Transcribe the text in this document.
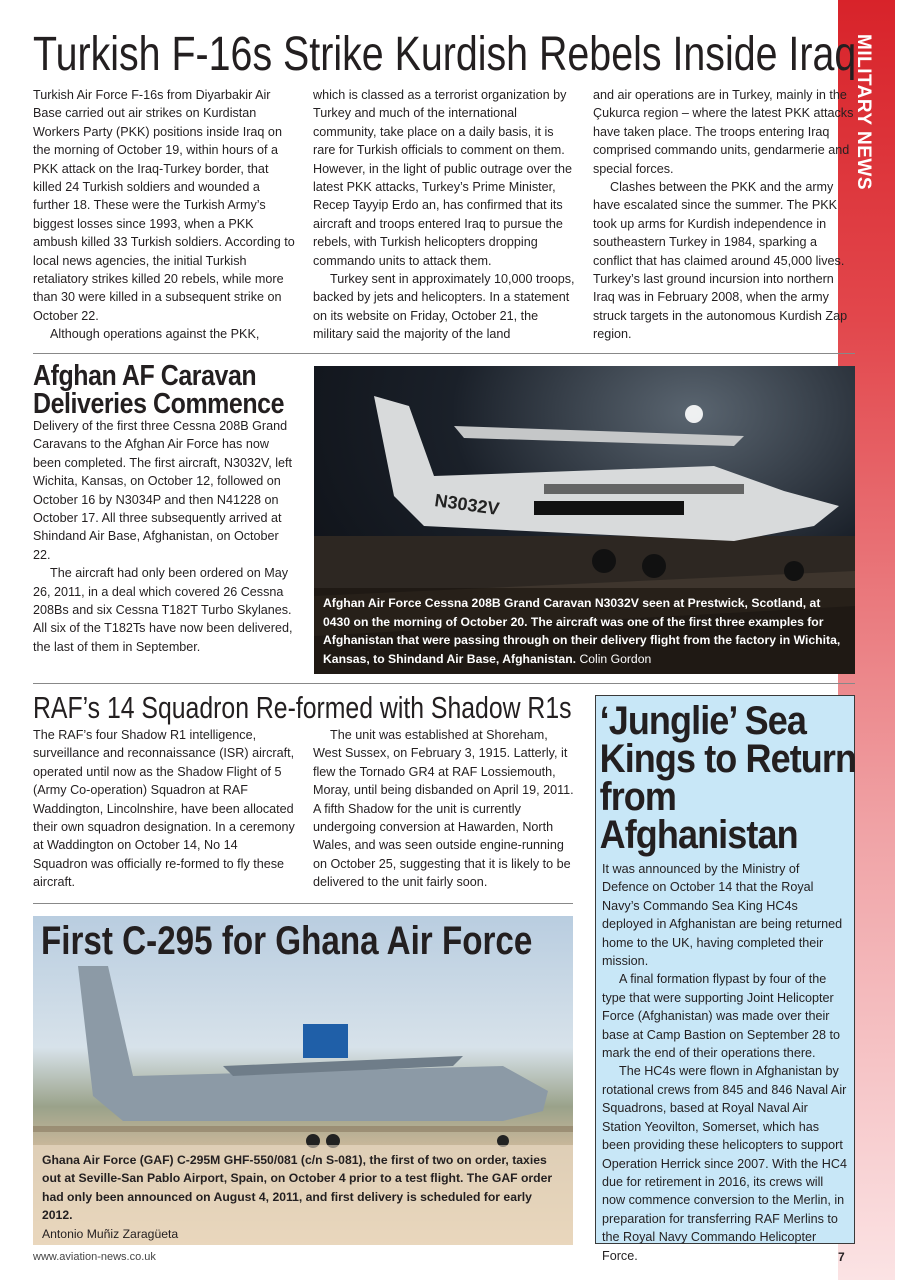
MILITARY NEWS
Turkish F-16s Strike Kurdish Rebels Inside Iraq

Turkish Air Force F-16s from Diyarbakir Air Base carried out air strikes on Kurdistan Workers Party (PKK) positions inside Iraq on the morning of October 19, within hours of a PKK attack on the Iraq-Turkey border, that killed 24 Turkish soldiers and wounded a further 18. These were the Turkish Army’s biggest losses since 1993, when a PKK ambush killed 33 Turkish soldiers. According to local news agencies, the initial Turkish retaliatory strikes killed 20 rebels, while more than 30 were killed in a subsequent strike on October 22.

Although operations against the PKK,

which is classed as a terrorist organization by Turkey and much of the international community, take place on a daily basis, it is rare for Turkish officials to comment on them. However, in the light of public outrage over the latest PKK attacks, Turkey’s Prime Minister, Recep Tayyip Erdo an, has confirmed that its aircraft and troops entered Iraq to pursue the rebels, with Turkish helicopters dropping commando units to attack them.

Turkey sent in approximately 10,000 troops, backed by jets and helicopters. In a statement on its website on Friday, October 21, the military said the majority of the land

and air operations are in Turkey, mainly in the Çukurca region – where the latest PKK attacks have taken place. The troops entering Iraq comprised commando units, gendarmerie and special forces.

Clashes between the PKK and the army have escalated since the summer. The PKK took up arms for Kurdish independence in southeastern Turkey in 1984, sparking a conflict that has claimed around 45,000 lives. Turkey’s last ground incursion into northern Iraq was in February 2008, when the army struck targets in the autonomous Kurdish Zap region.

Afghan AF Caravan
Deliveries Commence

Delivery of the first three Cessna 208B Grand Caravans to the Afghan Air Force has now been completed. The first aircraft, N3032V, left Wichita, Kansas, on October 12, followed on October 16 by N3034P and then N41228 on October 17. All three subsequently arrived at Shindand Air Base, Afghanistan, on October 22.

The aircraft had only been ordered on May 26, 2011, in a deal which covered 26 Cessna 208Bs and six Cessna T182T Turbo Skylanes. All six of the T182Ts have now been delivered, the last of them in September.

N3032V
Afghan Air Force Cessna 208B Grand Caravan N3032V seen at Prestwick, Scotland, at 0430 on the morning of October 20. The aircraft was one of the first three examples for Afghanistan that were passing through on their delivery flight from the factory in Wichita, Kansas, to Shindand Air Base, Afghanistan. Colin Gordon
RAF’s 14 Squadron Re-formed with Shadow R1s

The RAF’s four Shadow R1 intelligence, surveillance and reconnaissance (ISR) aircraft, operated until now as the Shadow Flight of 5 (Army Co-operation) Squadron at RAF Waddington, Lincolnshire, have been allocated their own squadron designation. In a ceremony at Waddington on October 14, No 14 Squadron was officially re-formed to fly these aircraft.

The unit was established at Shoreham, West Sussex, on February 3, 1915. Latterly, it flew the Tornado GR4 at RAF Lossiemouth, Moray, until being disbanded on April 19, 2011. A fifth Shadow for the unit is currently undergoing conversion at Hawarden, North Wales, and was seen outside engine-running on October 25, suggesting that it is likely to be delivered to the unit fairly soon.

First C-295 for Ghana Air Force
Ghana Air Force (GAF) C-295M GHF-550/081 (c/n S-081), the first of two on order, taxies out at Seville-San Pablo Airport, Spain, on October 4 prior to a test flight. The GAF order had only been announced on August 4, 2011, and first delivery is scheduled for early 2012.
Antonio Muñiz Zaragüeta
‘Junglie’ Sea Kings to Return from Afghanistan

It was announced by the Ministry of Defence on October 14 that the Royal Navy’s Commando Sea King HC4s deployed in Afghanistan are being returned home to the UK, having completed their mission.

A final formation flypast by four of the type that were supporting Joint Helicopter Force (Afghanistan) was made over their base at Camp Bastion on September 28 to mark the end of their operations there.

The HC4s were flown in Afghanistan by rotational crews from 845 and 846 Naval Air Squadrons, based at Royal Naval Air Station Yeovilton, Somerset, which has been providing these helicopters to support Operation Herrick since 2007. With the HC4 due for retirement in 2016, its crews will now commence conversion to the Merlin, in preparation for transferring RAF Merlins to the Royal Navy Commando Helicopter Force.

www.aviation-news.co.uk	7
